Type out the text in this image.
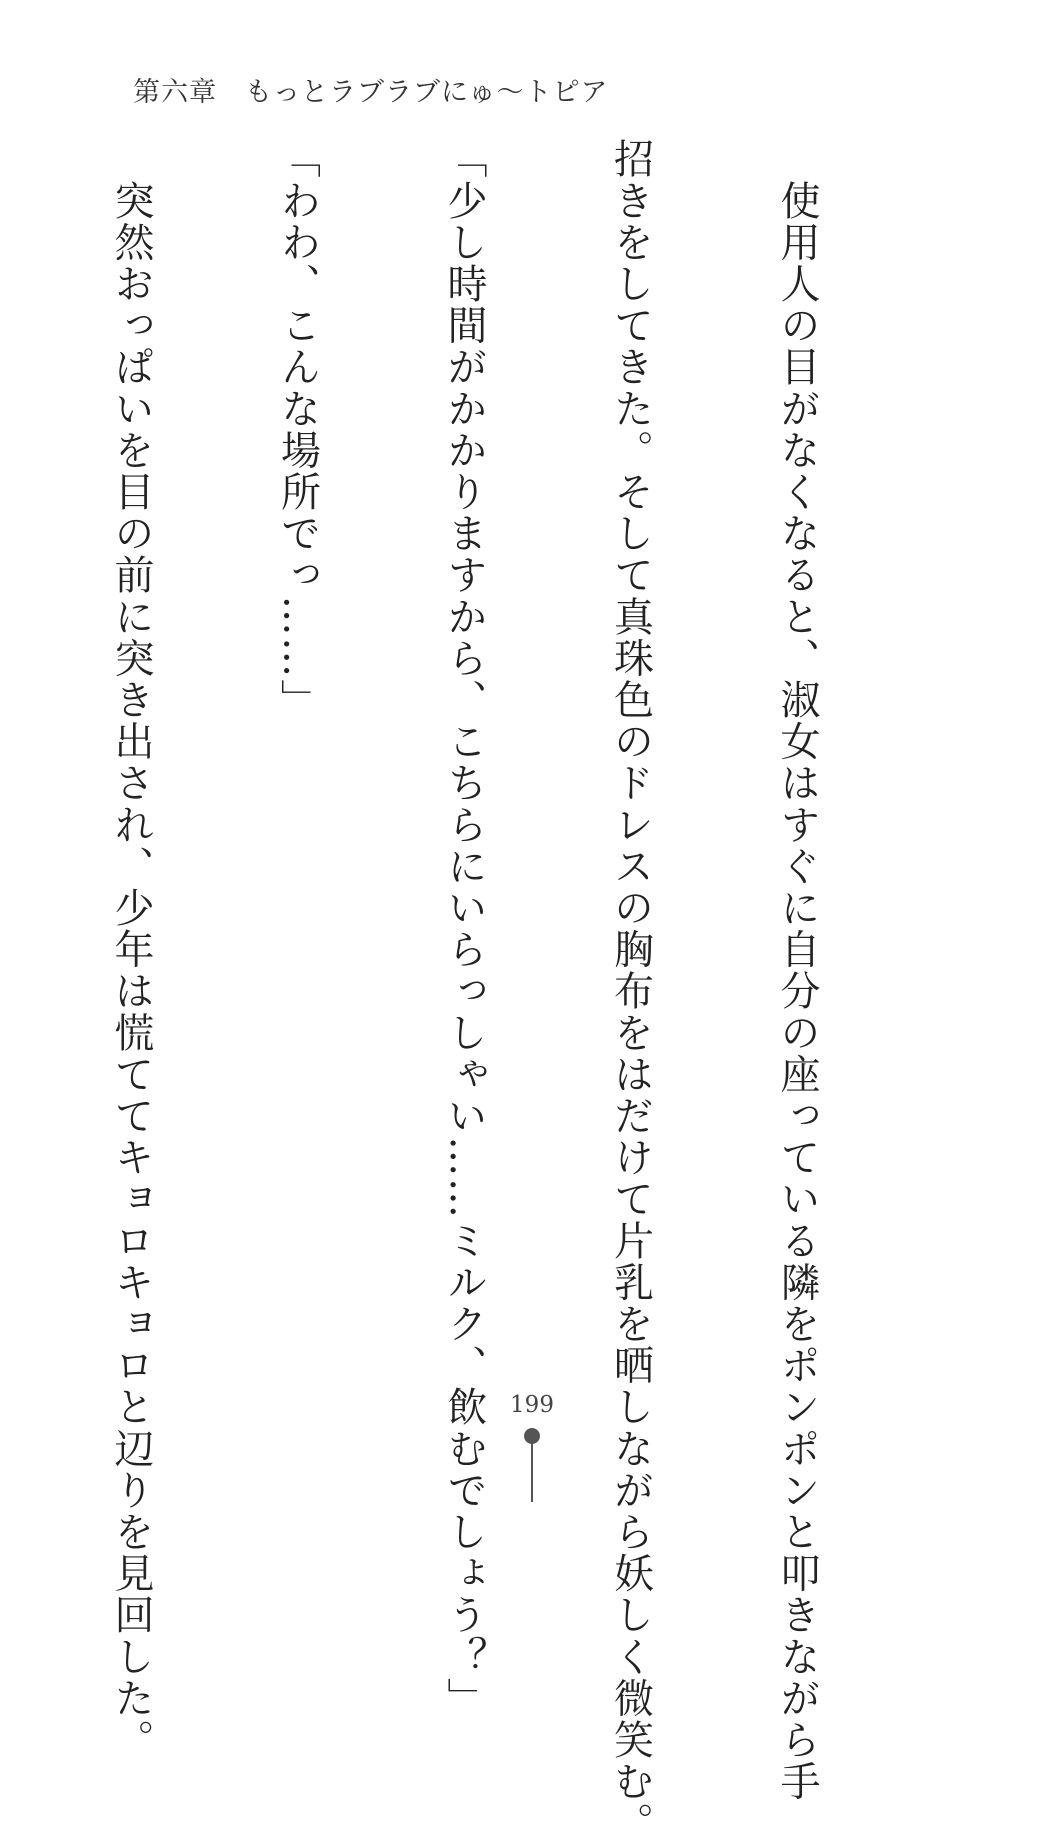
第六章　もっとラブラブにゅ〜トピア

　使用人の目がなくなると、淑女はすぐに自分の座っている隣をポンポンと叩きながら手

招きをしてきた。そして真珠色のドレスの胸布をはだけて片乳を晒しながら妖しく微笑む。

「少し時間がかかりますから、こちらにいらっしゃい……ミルク、飲むでしょう？」

「わわ、こんな場所でっ……」

　突然おっぱいを目の前に突き出され、少年は慌ててキョロキョロと辺りを見回した。

	199
